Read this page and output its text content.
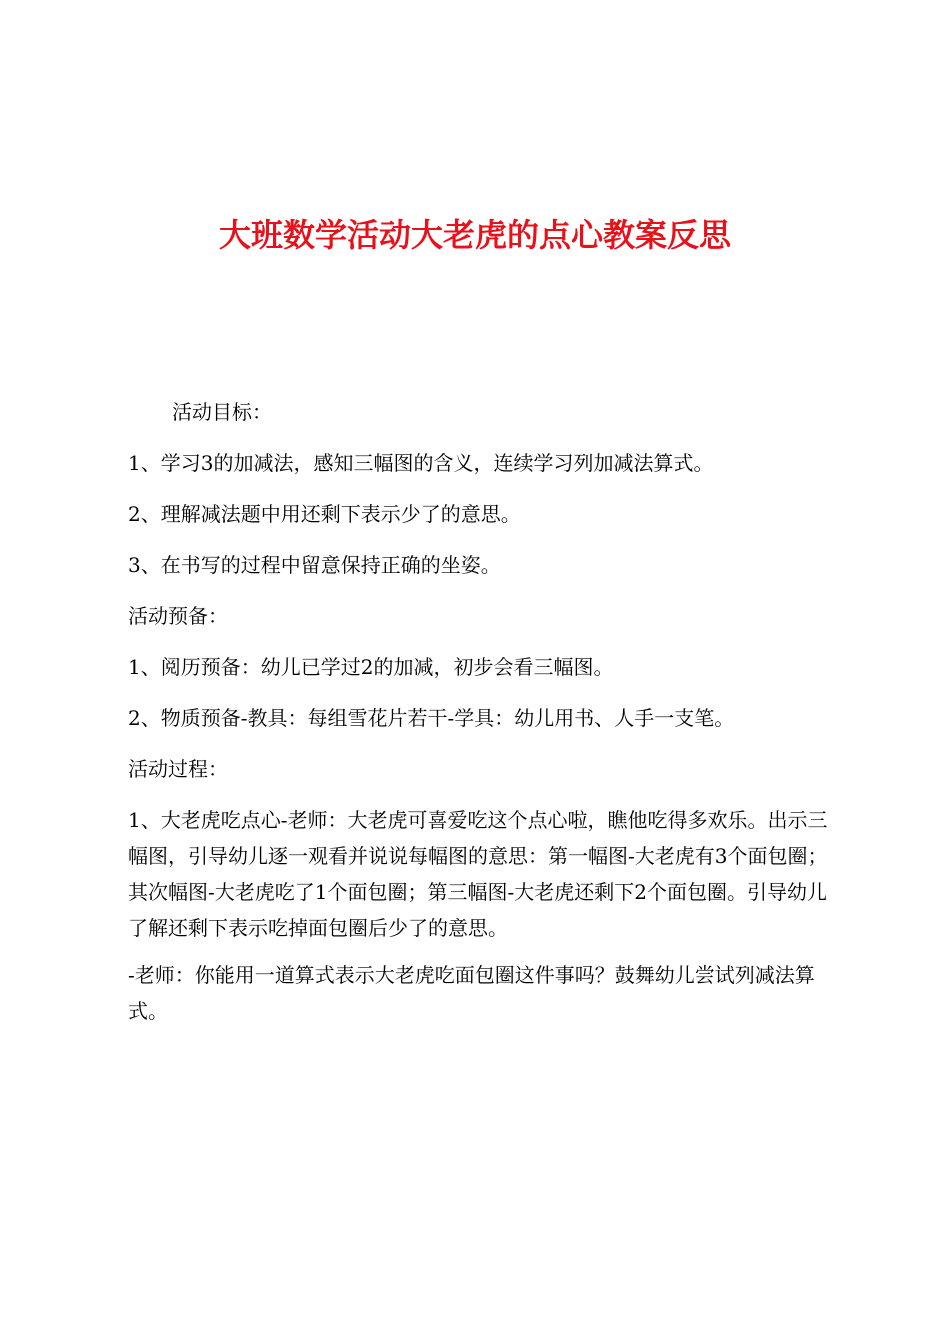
大班数学活动大老虎的点心教案反思

活动目标：

1、学习3的加减法，感知三幅图的含义，连续学习列加减法算式。

2、理解减法题中用还剩下表示少了的意思。

3、在书写的过程中留意保持正确的坐姿。

活动预备：

1、阅历预备：幼儿已学过2的加减，初步会看三幅图。

2、物质预备-教具：每组雪花片若干-学具：幼儿用书、人手一支笔。

活动过程：

1、大老虎吃点心-老师：大老虎可喜爱吃这个点心啦，瞧他吃得多欢乐。出示三幅图，引导幼儿逐一观看并说说每幅图的意思：第一幅图-大老虎有3个面包圈；其次幅图-大老虎吃了1个面包圈；第三幅图-大老虎还剩下2个面包圈。引导幼儿了解还剩下表示吃掉面包圈后少了的意思。

-老师：你能用一道算式表示大老虎吃面包圈这件事吗？鼓舞幼儿尝试列减法算式。
